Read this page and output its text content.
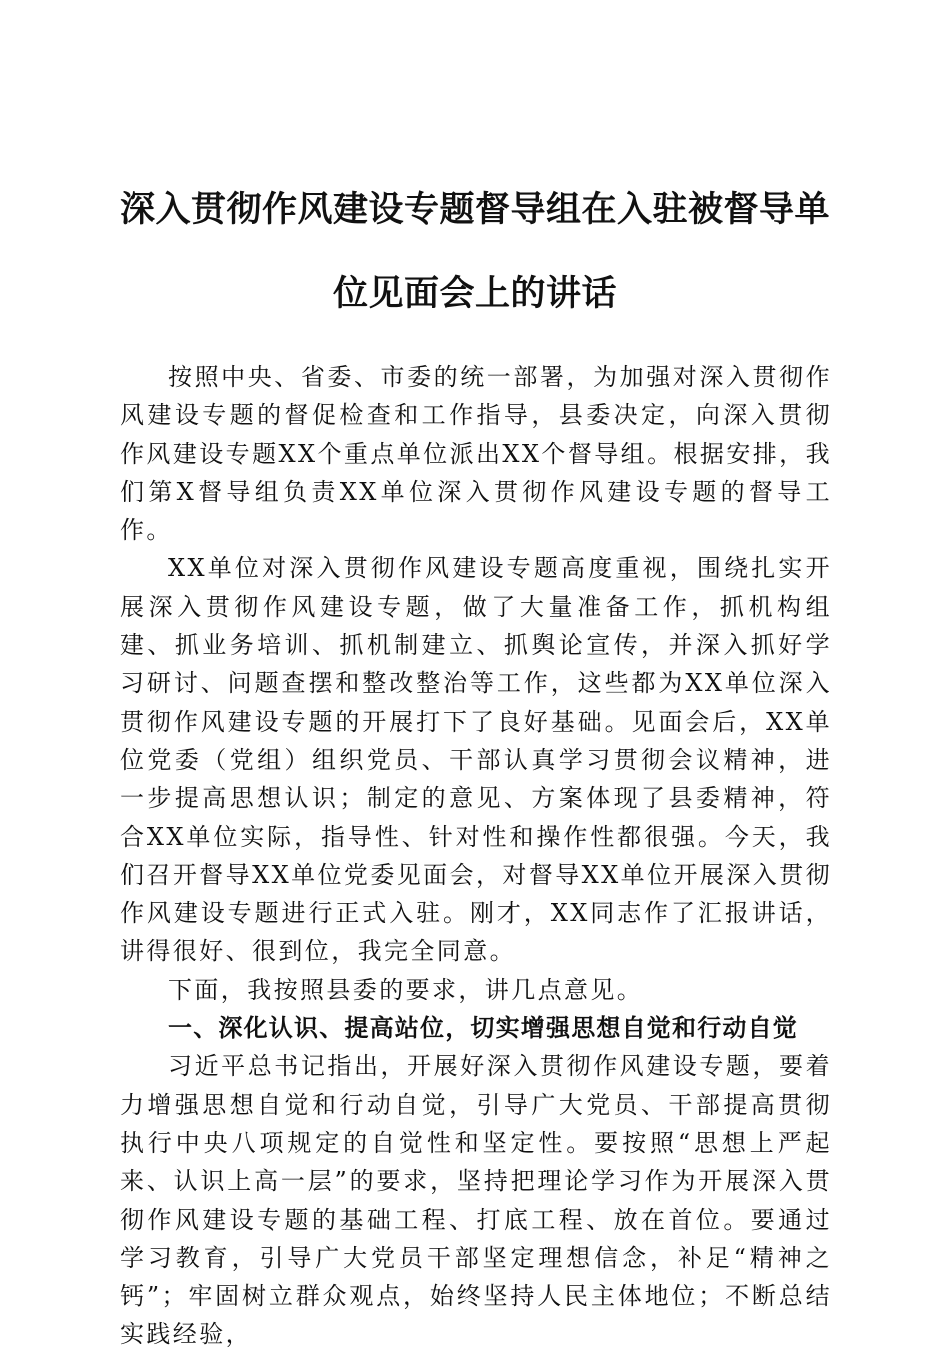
深入贯彻作风建设专题督导组在入驻被督导单位见面会上的讲话

按照中央、省委、市委的统一部署，为加强对深入贯彻作风建设专题的督促检查和工作指导，县委决定，向深入贯彻作风建设专题XX个重点单位派出XX个督导组。根据安排，我们第X督导组负责XX单位深入贯彻作风建设专题的督导工作。

XX单位对深入贯彻作风建设专题高度重视，围绕扎实开展深入贯彻作风建设专题，做了大量准备工作，抓机构组建、抓业务培训、抓机制建立、抓舆论宣传，并深入抓好学习研讨、问题查摆和整改整治等工作，这些都为XX单位深入贯彻作风建设专题的开展打下了良好基础。见面会后，XX单位党委（党组）组织党员、干部认真学习贯彻会议精神，进一步提高思想认识；制定的意见、方案体现了县委精神，符合XX单位实际，指导性、针对性和操作性都很强。今天，我们召开督导XX单位党委见面会，对督导XX单位开展深入贯彻作风建设专题进行正式入驻。刚才，XX同志作了汇报讲话，讲得很好、很到位，我完全同意。

下面，我按照县委的要求，讲几点意见。

一、深化认识、提高站位，切实增强思想自觉和行动自觉

习近平总书记指出，开展好深入贯彻作风建设专题，要着力增强思想自觉和行动自觉，引导广大党员、干部提高贯彻执行中央八项规定的自觉性和坚定性。要按照“思想上严起来、认识上高一层”的要求，坚持把理论学习作为开展深入贯彻作风建设专题的基础工程、打底工程、放在首位。要通过学习教育，引导广大党员干部坚定理想信念，补足“精神之钙”；牢固树立群众观点，始终坚持人民主体地位；不断总结实践经验，
